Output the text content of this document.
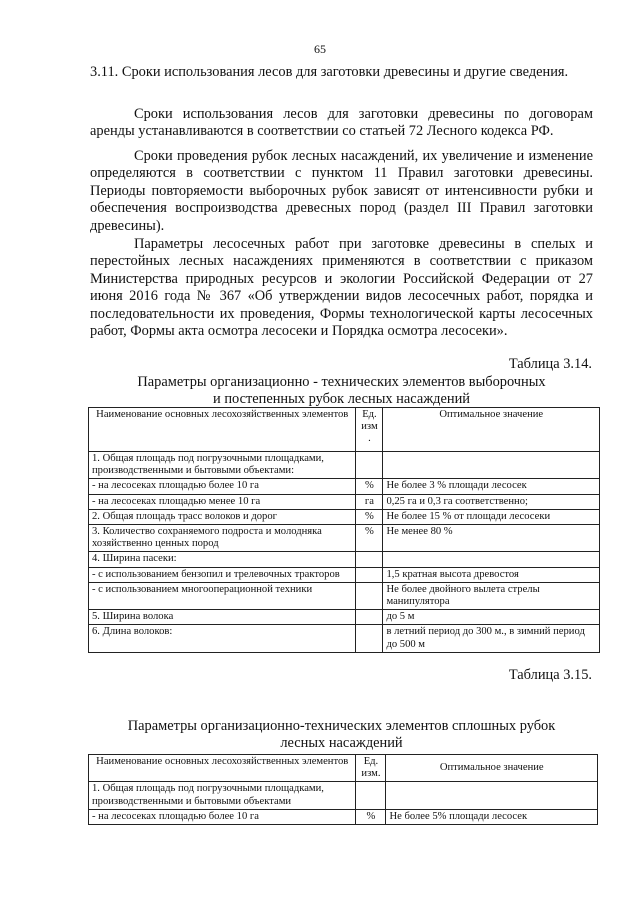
65
3.11. Сроки использования лесов для заготовки древесины и другие сведения.

Сроки использования лесов для заготовки древесины по договорам аренды устанавливаются в соответствии со статьей 72 Лесного кодекса РФ.

Сроки проведения рубок лесных насаждений, их увеличение и изменение определяются в соответствии с пунктом 11 Правил заготовки древесины. Периоды повторяемости выборочных рубок зависят от интенсивности рубки и обеспечения воспроизводства древесных пород (раздел III Правил заготовки древесины).

Параметры лесосечных работ при заготовке древесины в спелых и перестойных лесных насаждениях применяются в соответствии с приказом Министерства природных ресурсов и экологии Российской Федерации от 27 июня 2016 года № 367 «Об утверждении видов лесосечных работ, порядка и последовательности их проведения, Формы технологической карты лесосечных работ, Формы акта осмотра лесосеки и Порядка осмотра лесосеки».

Таблица 3.14.
Параметры организационно - технических элементов выборочных
и постепенных рубок лесных насаждений
Наименование основных лесохозяйственных элементов	Ед. изм .	Оптимальное значение
1. Общая площадь под погрузочными площадками, производственными и бытовыми объектами:		
- на лесосеках площадью более 10 га	%	Не более 3 % площади лесосек
- на лесосеках площадью менее 10 га	га	0,25 га и 0,3 га соответственно;
2. Общая площадь трасс волоков и дорог	%	Не более 15 % от площади лесосеки
3. Количество сохраняемого подроста и молодняка хозяйственно ценных пород	%	Не менее 80 %
4. Ширина пасеки:		
- с использованием бензопил и трелевочных тракторов		1,5 кратная высота древостоя
- с использованием многооперационной техники		Не более двойного вылета стрелы манипулятора
5. Ширина волока		до 5 м
6. Длина волоков:		в летний период до 300 м., в зимний период до 500 м
Таблица 3.15.
Параметры организационно-технических элементов сплошных рубок
лесных насаждений
Наименование основных лесохозяйственных элементов	Ед. изм.	Оптимальное значение
1. Общая площадь под погрузочными площадками, производственными и бытовыми объектами		
- на лесосеках площадью более 10 га	%	Не более 5% площади лесосек
